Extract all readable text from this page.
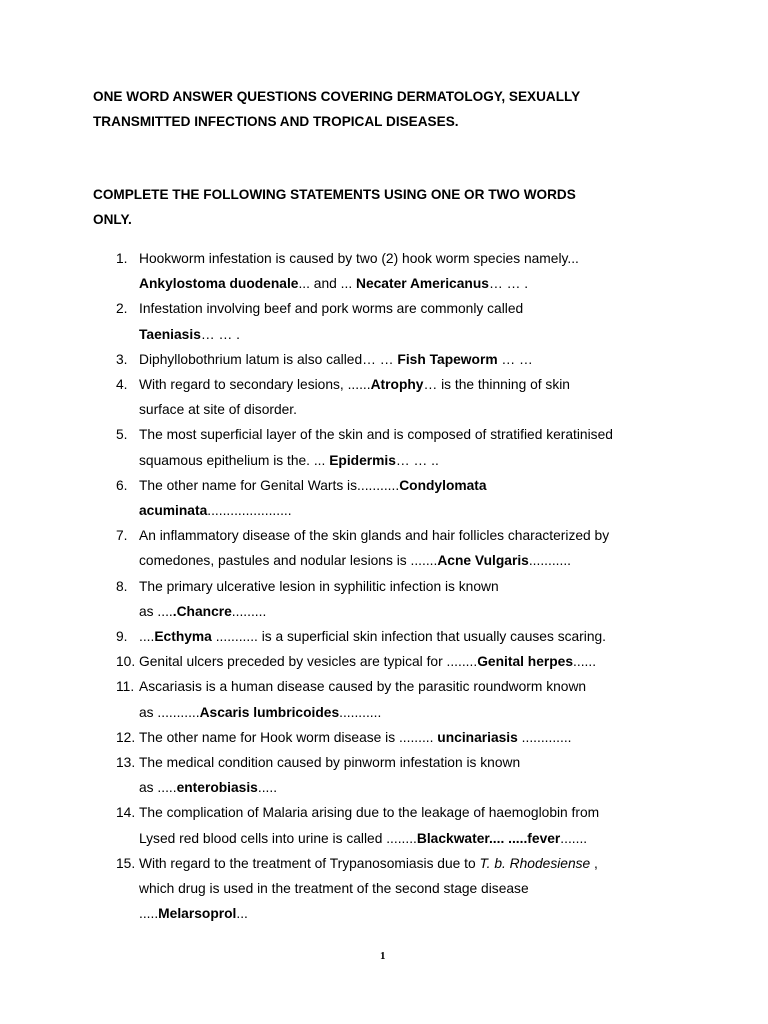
ONE WORD ANSWER QUESTIONS COVERING DERMATOLOGY, SEXUALLY
TRANSMITTED INFECTIONS AND TROPICAL DISEASES.

COMPLETE THE FOLLOWING STATEMENTS USING ONE OR TWO WORDS
ONLY.

1. Hookworm infestation is caused by two (2) hook worm species namely...
Ankylostoma duodenale... and ... Necater Americanus… … .
2. Infestation involving beef and pork worms are commonly called
Taeniasis… … .
3. Diphyllobothrium latum is also called… … Fish Tapeworm … …
4. With regard to secondary lesions, ......Atrophy… is the thinning of skin
surface at site of disorder.
5. The most superficial layer of the skin and is composed of stratified keratinised
squamous epithelium is the. ... Epidermis… … ..
6. The other name for Genital Warts is...........Condylomata
acuminata......................
7. An inflammatory disease of the skin glands and hair follicles characterized by
comedones, pastules and nodular lesions is .......Acne Vulgaris...........
8. The primary ulcerative lesion in syphilitic infection is known
as .....Chancre.........
9. ....Ecthyma ........... is a superficial skin infection that usually causes scaring.
10. Genital ulcers preceded by vesicles are typical for ........Genital herpes......
11. Ascariasis is a human disease caused by the parasitic roundworm known
as ...........Ascaris lumbricoides...........
12. The other name for Hook worm disease is ......... uncinariasis .............
13. The medical condition caused by pinworm infestation is known
as .....enterobiasis.....
14. The complication of Malaria arising due to the leakage of haemoglobin from
Lysed red blood cells into urine is called ........Blackwater.... .....fever.......
15. With regard to the treatment of Trypanosomiasis due to T. b. Rhodesiense ,
which drug is used in the treatment of the second stage disease
.....Melarsoprol...
1
